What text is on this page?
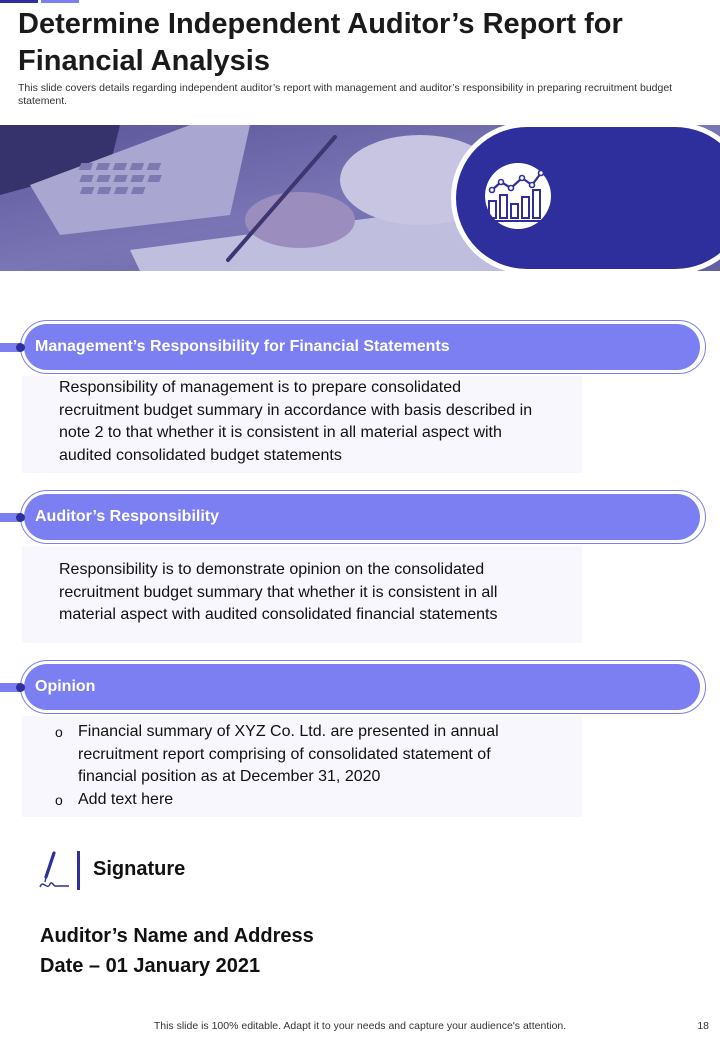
Determine Independent Auditor’s Report for Financial Analysis

This slide covers details regarding independent auditor’s report with management and auditor’s responsibility in preparing recruitment budget statement.

Management’s Responsibility for Financial Statements
Responsibility of management is to prepare consolidated
recruitment budget summary in accordance with basis described in
note 2 to that whether it is consistent in all material aspect with
audited consolidated budget statements
Auditor’s Responsibility
Responsibility is to demonstrate opinion on the consolidated
recruitment budget summary that whether it is consistent in all
material aspect with audited consolidated financial statements
Opinion
o Financial summary of XYZ Co. Ltd. are presented in annual
recruitment report comprising of consolidated statement of
financial position as at December 31, 2020
o Add text here
Signature
Auditor’s Name and Address
Date – 01 January 2021
This slide is 100% editable. Adapt it to your needs and capture your audience's attention.	18
